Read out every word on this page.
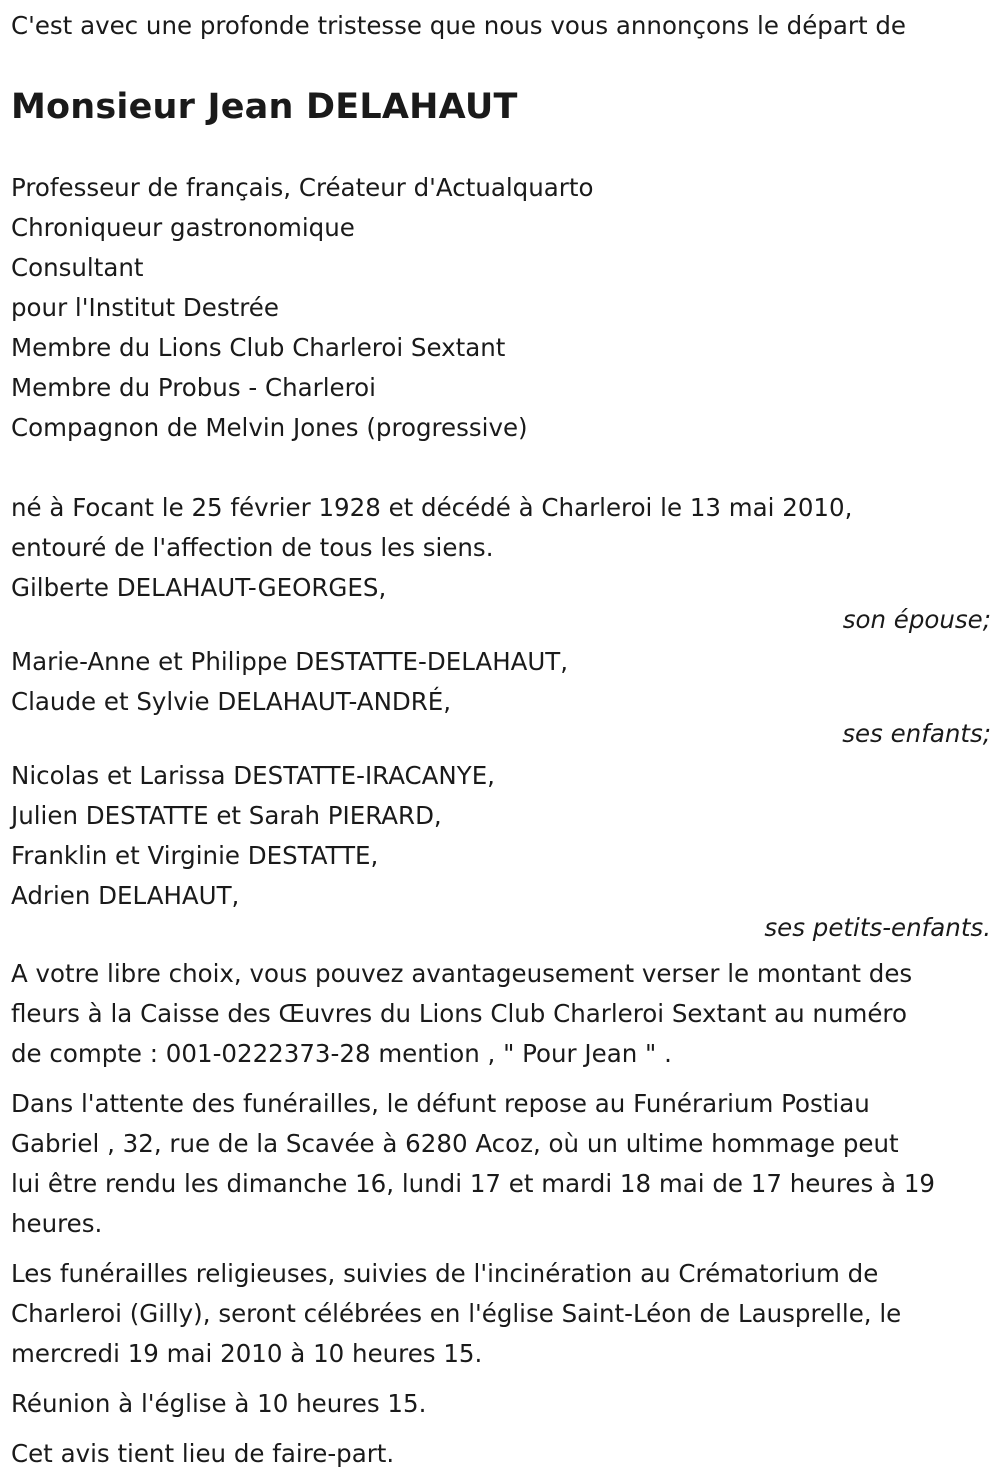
C'est avec une profonde tristesse que nous vous annonçons le départ de

Monsieur Jean DELAHAUT
Professeur de français, Créateur d'Actualquarto
Chroniqueur gastronomique
Consultant
pour l'Institut Destrée
Membre du Lions Club Charleroi Sextant
Membre du Probus - Charleroi
Compagnon de Melvin Jones (progressive)
né à Focant le 25 février 1928 et décédé à Charleroi le 13 mai 2010,
entouré de l'affection de tous les siens.
Gilberte DELAHAUT-GEORGES,
son épouse;
Marie-Anne et Philippe DESTATTE-DELAHAUT,
Claude et Sylvie DELAHAUT-ANDRÉ,
ses enfants;
Nicolas et Larissa DESTATTE-IRACANYE,
Julien DESTATTE et Sarah PIERARD,
Franklin et Virginie DESTATTE,
Adrien DELAHAUT,
ses petits-enfants.
A votre libre choix, vous pouvez avantageusement verser le montant des
fleurs à la Caisse des Œuvres du Lions Club Charleroi Sextant au numéro
de compte : 001-0222373-28 mention , " Pour Jean " .
Dans l'attente des funérailles, le défunt repose au Funérarium Postiau
Gabriel , 32, rue de la Scavée à 6280 Acoz, où un ultime hommage peut
lui être rendu les dimanche 16, lundi 17 et mardi 18 mai de 17 heures à 19
heures.
Les funérailles religieuses, suivies de l'incinération au Crématorium de
Charleroi (Gilly), seront célébrées en l'église Saint-Léon de Lausprelle, le
mercredi 19 mai 2010 à 10 heures 15.
Réunion à l'église à 10 heures 15.
Cet avis tient lieu de faire-part.
